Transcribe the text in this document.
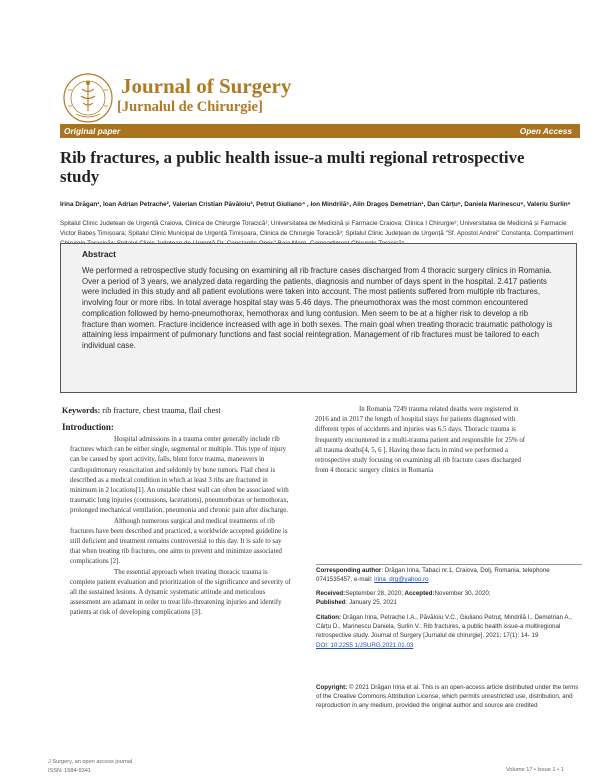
Journal of Surgery
[Jurnalul de Chirurgie]
Original paper	Open Access
Rib fractures, a public health issue-a multi regional retrospective study
Irina Drăgan¹, Ioan Adrian Petrache², Valerian Cristian Păvăloiu³, Petruț Giuliano⁴ , Ion Mindrilă⁵, Alin Dragoș Demetrian¹, Dan Cârțu⁶, Daniela Marinescu⁶, Valeriu Șurlin⁶
Spitalul Clinic Judetean de Urgență Craiova, Clinica de Chirurgie Toracică¹; Universitatea de Medicină și Farmacie Craiova; Clinica I Chirurgie²; Universitatea de Medicină și Farmacie Victor Babeș Timișoara; Spitalul Clinic Municipal de Urgență Timișoara, Clinica de Chirurgie Toracică³; Spitalul Clinic Județean de Urgență "Sf. Apostol Andrei" Constanța, Compartiment
Abstract
We performed a retrospective study focusing on examining all rib fracture cases discharged from 4 thoracic surgery clinics in Romania. Over a period of 3 years, we analyzed data regarding the patients, diagnosis and number of days spent in the hospital. 2.417 patients were included in this study and all patient evolutions were taken into account. The most patients suffered from multiple rib fractures, involving four or more ribs. In total average hospital stay was 5.46 days. The pneumothorax was the most common encountered complication followed by hemo-pneumothorax, hemothorax and lung contusion. Men seem to be at a higher risk to develop a rib fracture than women. Fracture incidence increased with age in both sexes. The main goal when treating thoracic traumatic pathology is attaining less impairment of pulmonary functions and fast social reintegration. Management of rib fractures must be tailored to each individual case.
Keywords: rib fracture, chest trauma, flail chest
Introduction:

Hospital admissions in a trauma center generally include rib fractures which can be either single, segmental or multiple. This type of injury can be caused by sport activity, falls, blunt force trauma, maneuvers in cardiopulmonary resuscitation and seldomly by bone tumors. Flail chest is described as a medical condition in which at least 3 ribs are fractured in minimum in 2 locations[1]. An unstable chest wall can often be associated with traumatic lung injuries (contusions, lacerations), pneumothorax or hemothorax, prolonged mechanical ventilation, pneumonia and chronic pain after discharge.

Although numerous surgical and medical treatments of rib fractures have been described and practiced, a worldwide accepted guideline is still deficient and treatment remains controversial to this day. It is safe to say that when treating rib fractures, one aims to prevent and minimize associated complications [2].

The essential approach when treating thoracic trauma is complete patient evaluation and prioritization of the significance and severity of all the sustained lesions. A dynamic systematic attitude and meticulous assessment are adamant in order to treat life-threatening injuries and identify patients at risk of developing complications [3].

In Romania 7249 trauma related deaths were registered in 2016 and in 2017 the length of hospital stays for patients diagnosed with different types of accidents and injuries was 6.5 days. Thoracic trauma is frequently encountered in a multi-trauma patient and responsible for 25% of all trauma deaths[4, 5, 6 ]. Having these facts in mind we performed a retrospective study focusing on examining all rib fracture cases discharged from 4 thoracic surgery clinics in Romania

Corresponding author: Drăgan Irina, Tabaci nr.1, Craiova, Dolj, Romania, telephone 0741535457, e-mail: irina_drg@yahoo.ro
Received:September 28, 2020; Accepted:November 30, 2020;
Published: January 25, 2021
Citation: Drăgan Irina, Petrache I.A., Păvăloiu V.C., Giuliano Petruț, Mindrilă I., Demetrian A., Cârțu D., Marinescu Daniela, Șurlin V.: Rib fractures, a public health issue-a multiregional retrospective study. Journal of Surgery [Jurnalul de chirurgie]. 2021; 17(1): 14- 19
DOI: 10.2255 1/JSURG.2021.01.03
Copyright: © 2021 Drăgan Irina et al. This is an open-access article distributed under the terms of the Creative Commons Attribution License, which permits unrestricted use, distribution, and reproduction in any medium, provided the original author and source are credited
J Surgery, an open access journal
ISSN: 1584-9341	Volume 17 • Issue 1 • 1
